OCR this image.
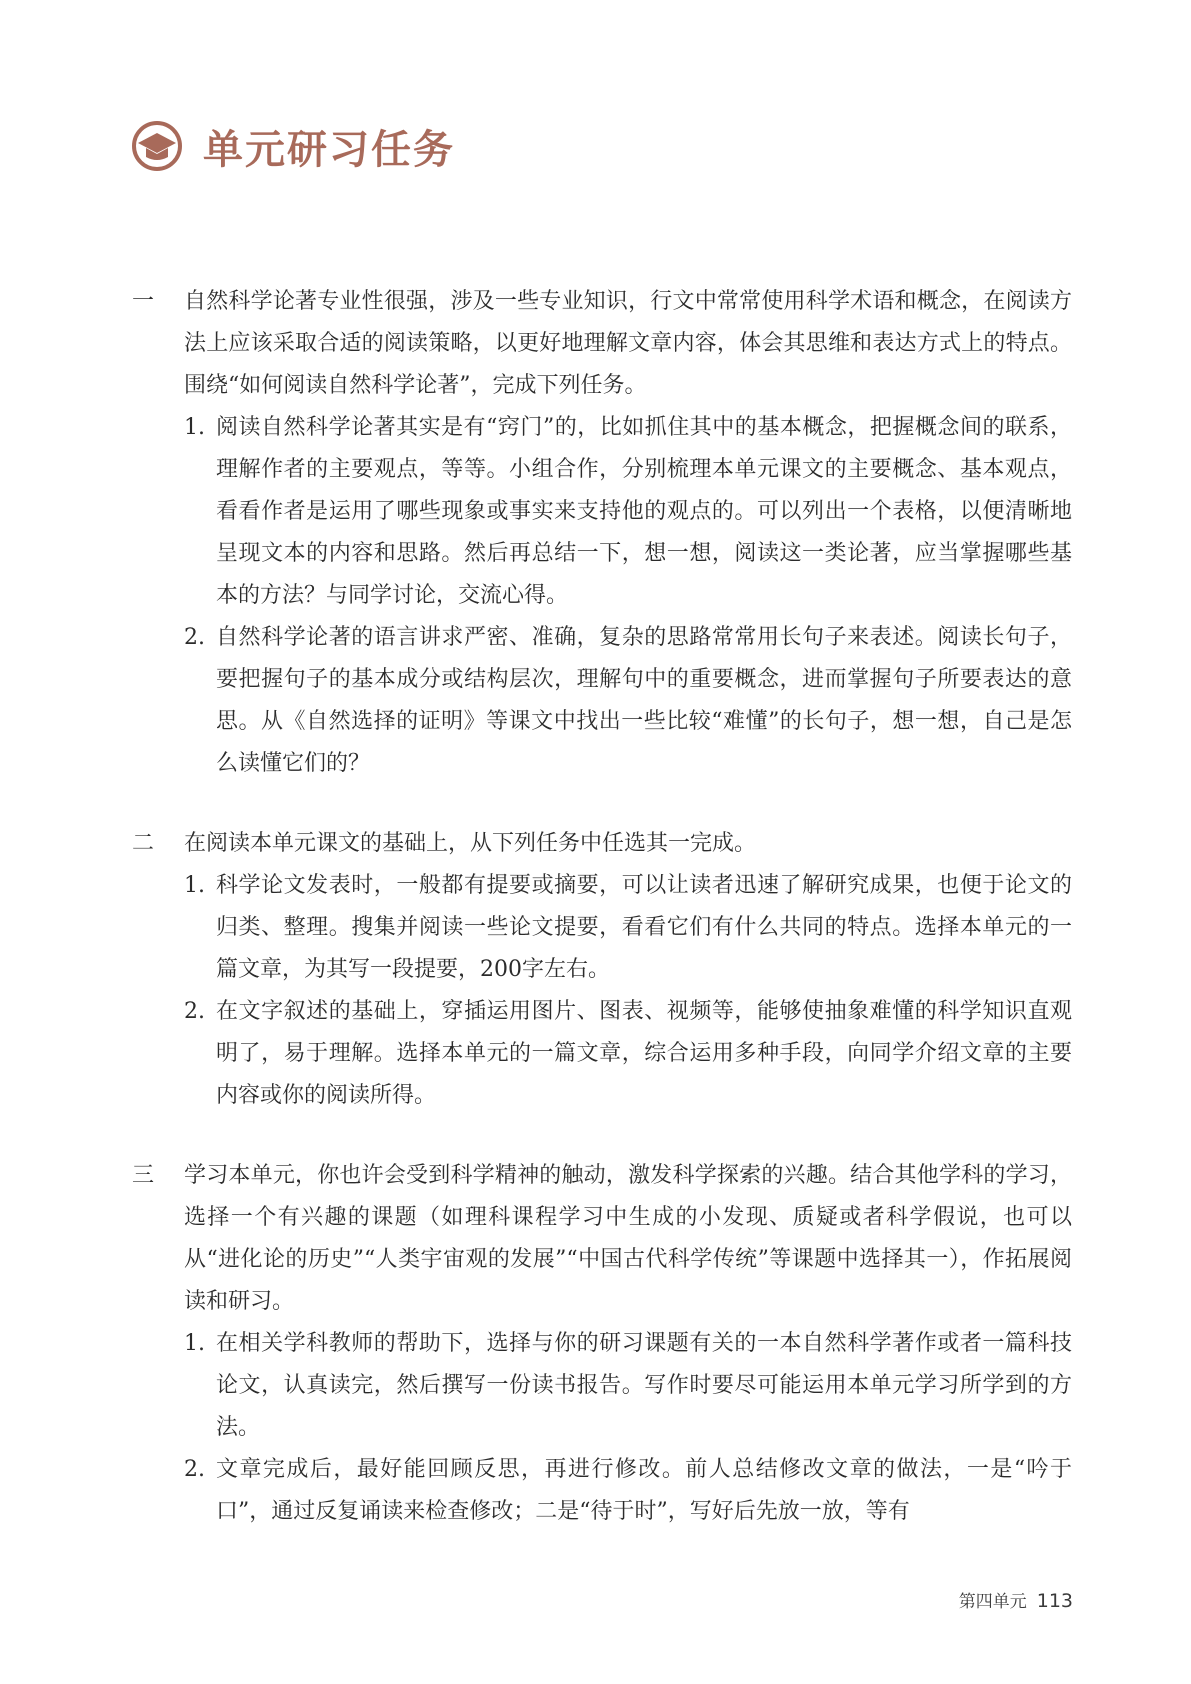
单元研习任务
一 自然科学论著专业性很强，涉及一些专业知识，行文中常常使用科学术语和概念，在阅读方法上应该采取合适的阅读策略，以更好地理解文章内容，体会其思维和表达方式上的特点。围绕“如何阅读自然科学论著”，完成下列任务。
1. 阅读自然科学论著其实是有“窍门”的，比如抓住其中的基本概念，把握概念间的联系，理解作者的主要观点，等等。小组合作，分别梳理本单元课文的主要概念、基本观点，看看作者是运用了哪些现象或事实来支持他的观点的。可以列出一个表格，以便清晰地呈现文本的内容和思路。然后再总结一下，想一想，阅读这一类论著，应当掌握哪些基本的方法？与同学讨论，交流心得。
2. 自然科学论著的语言讲求严密、准确，复杂的思路常常用长句子来表述。阅读长句子，要把握句子的基本成分或结构层次，理解句中的重要概念，进而掌握句子所要表达的意思。从《自然选择的证明》等课文中找出一些比较“难懂”的长句子，想一想，自己是怎么读懂它们的？
二 在阅读本单元课文的基础上，从下列任务中任选其一完成。
1. 科学论文发表时，一般都有提要或摘要，可以让读者迅速了解研究成果，也便于论文的归类、整理。搜集并阅读一些论文提要，看看它们有什么共同的特点。选择本单元的一篇文章，为其写一段提要，200字左右。
2. 在文字叙述的基础上，穿插运用图片、图表、视频等，能够使抽象难懂的科学知识直观明了，易于理解。选择本单元的一篇文章，综合运用多种手段，向同学介绍文章的主要内容或你的阅读所得。
三 学习本单元，你也许会受到科学精神的触动，激发科学探索的兴趣。结合其他学科的学习，选择一个有兴趣的课题（如理科课程学习中生成的小发现、质疑或者科学假说，也可以从“进化论的历史”“人类宇宙观的发展”“中国古代科学传统”等课题中选择其一），作拓展阅读和研习。
1. 在相关学科教师的帮助下，选择与你的研习课题有关的一本自然科学著作或者一篇科技论文，认真读完，然后撰写一份读书报告。写作时要尽可能运用本单元学习所学到的方法。
2. 文章完成后，最好能回顾反思，再进行修改。前人总结修改文章的做法，一是“吟于口”，通过反复诵读来检查修改；二是“待于时”，写好后先放一放，等有
第四单元 113
